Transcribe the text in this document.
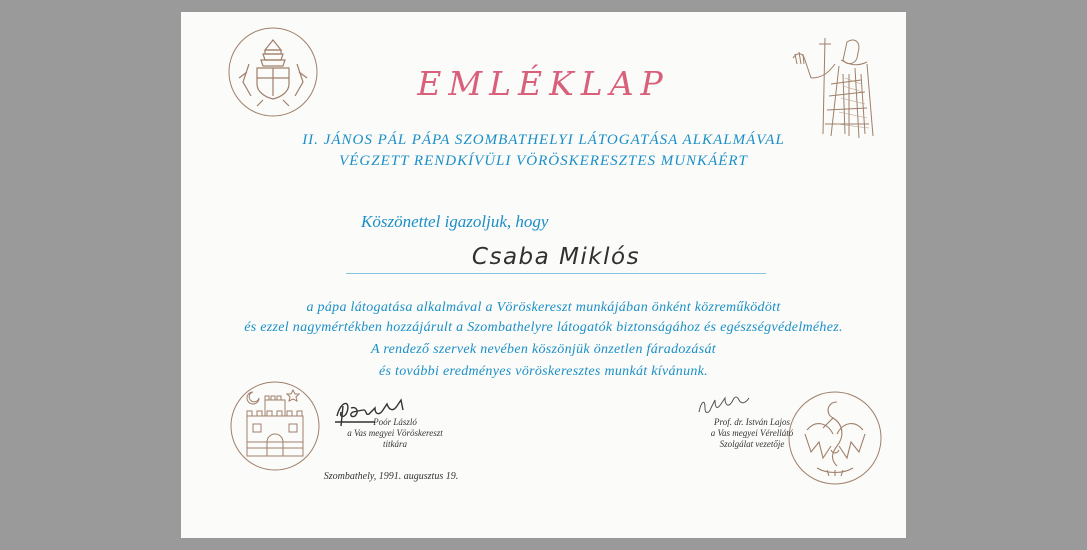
EMLÉKLAP
II. JÁNOS PÁL PÁPA SZOMBATHELYI LÁTOGATÁSA ALKALMÁVAL
VÉGZETT RENDKÍVÜLI VÖRÖSKERESZTES MUNKÁÉRT
Köszönettel igazoljuk, hogy
Csaba Miklós
a pápa látogatása alkalmával a Vöröskereszt munkájában önként közreműködött
és ezzel nagymértékben hozzájárult a Szombathelyre látogatók biztonságához és egészségvédelméhez.
A rendező szervek nevében köszönjük önzetlen fáradozását
és további eredményes vöröskeresztes munkát kívánunk.
Poór László
a Vas megyei Vöröskereszt
titkára
Prof. dr. István Lajos
a Vas megyei Vérellátó
Szolgálat vezetője
Szombathely, 1991. augusztus 19.
